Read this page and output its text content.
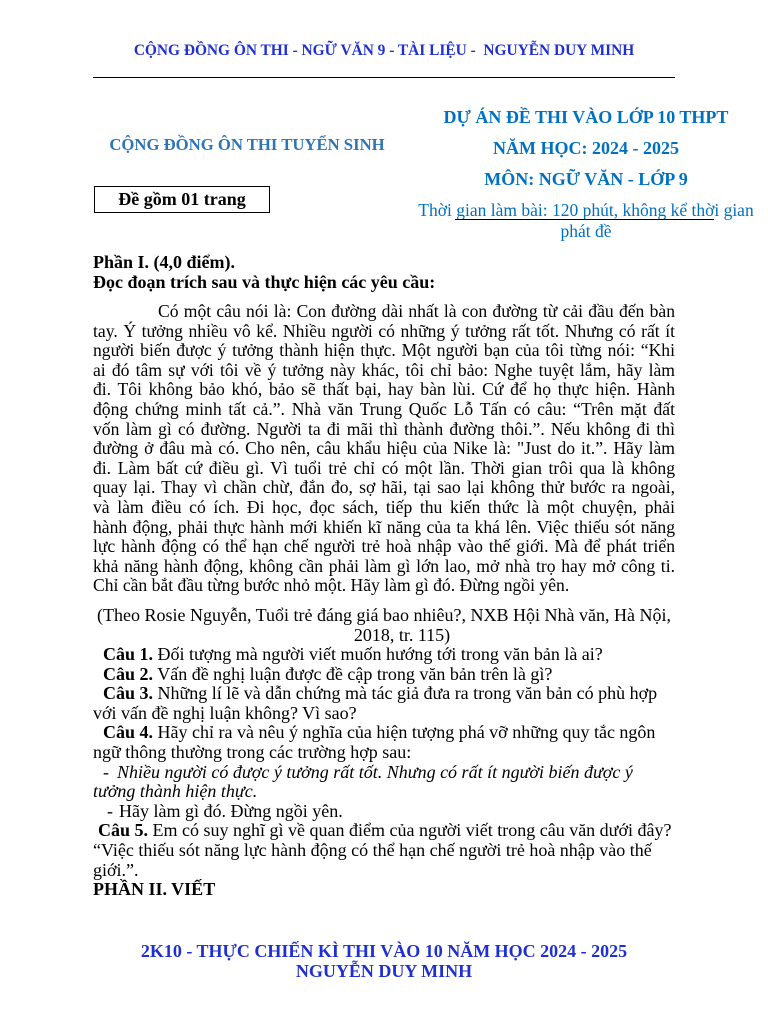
CỘNG ĐỒNG ÔN THI - NGỮ VĂN 9 - TÀI LIỆU -  NGUYỄN DUY MINH
CỘNG ĐỒNG ÔN THI TUYỂN SINH
Đề gồm 01 trang
DỰ ÁN ĐỀ THI VÀO LỚP 10 THPT
NĂM HỌC: 2024 - 2025
MÔN: NGỮ VĂN - LỚP 9
Thời gian làm bài: 120 phút, không kể thời gian
phát đề
Phần I. (4,0 điểm).
Đọc đoạn trích sau và thực hiện các yêu cầu:
Có một câu nói là: Con đường dài nhất là con đường từ cải đầu đến bàn
tay. Ý tưởng nhiều vô kể. Nhiều người có những ý tưởng rất tốt. Nhưng có rất ít
người biến được ý tưởng thành hiện thực. Một người bạn của tôi từng nói: “Khi
ai đó tâm sự với tôi về ý tưởng này khác, tôi chỉ bảo: Nghe tuyệt lắm, hãy làm
đi. Tôi không bảo khó, bảo sẽ thất bại, hay bàn lùi. Cứ để họ thực hiện. Hành
động chứng minh tất cả.”. Nhà văn Trung Quốc Lỗ Tấn có câu: “Trên mặt đất
vốn làm gì có đường. Người ta đi mãi thì thành đường thôi.”. Nếu không đi thì
đường ở đâu mà có. Cho nên, câu khẩu hiệu của Nike là: "Just do it.”. Hãy làm
đi. Làm bất cứ điều gì. Vì tuổi trẻ chỉ có một lần. Thời gian trôi qua là không
quay lại. Thay vì chần chừ, đắn đo, sợ hãi, tại sao lại không thử bước ra ngoài,
và làm điều có ích. Đi học, đọc sách, tiếp thu kiến thức là một chuyện, phải
hành động, phải thực hành mới khiến kĩ năng của ta khá lên. Việc thiếu sót năng
lực hành động có thể hạn chế người trẻ hoà nhập vào thế giới. Mà để phát triển
khả năng hành động, không cần phải làm gì lớn lao, mở nhà trọ hay mở công ti.
Chỉ cần bắt đầu từng bước nhỏ một. Hãy làm gì đó. Đừng ngồi yên.
(Theo Rosie Nguyễn, Tuổi trẻ đáng giá bao nhiêu?, NXB Hội Nhà văn, Hà Nội,
2018, tr. 115)
Câu 1. Đối tượng mà người viết muốn hướng tới trong văn bản là ai?
Câu 2. Vấn đề nghị luận được đề cập trong văn bản trên là gì?
Câu 3. Những lí lẽ và dẫn chứng mà tác giả đưa ra trong văn bản có phù hợp
với vấn đề nghị luận không? Vì sao?
Câu 4. Hãy chỉ ra và nêu ý nghĩa của hiện tượng phá vỡ những quy tắc ngôn
ngữ thông thường trong các trường hợp sau:
- Nhiều người có được ý tưởng rất tốt. Nhưng có rất ít người biến được ý
tưởng thành hiện thực.
- Hãy làm gì đó. Đừng ngồi yên.
Câu 5. Em có suy nghĩ gì về quan điểm của người viết trong câu văn dưới đây?
“Việc thiếu sót năng lực hành động có thể hạn chế người trẻ hoà nhập vào thế
giới.”.
PHẦN II. VIẾT
2K10 - THỰC CHIẾN KÌ THI VÀO 10 NĂM HỌC 2024 - 2025
NGUYỄN DUY MINH
